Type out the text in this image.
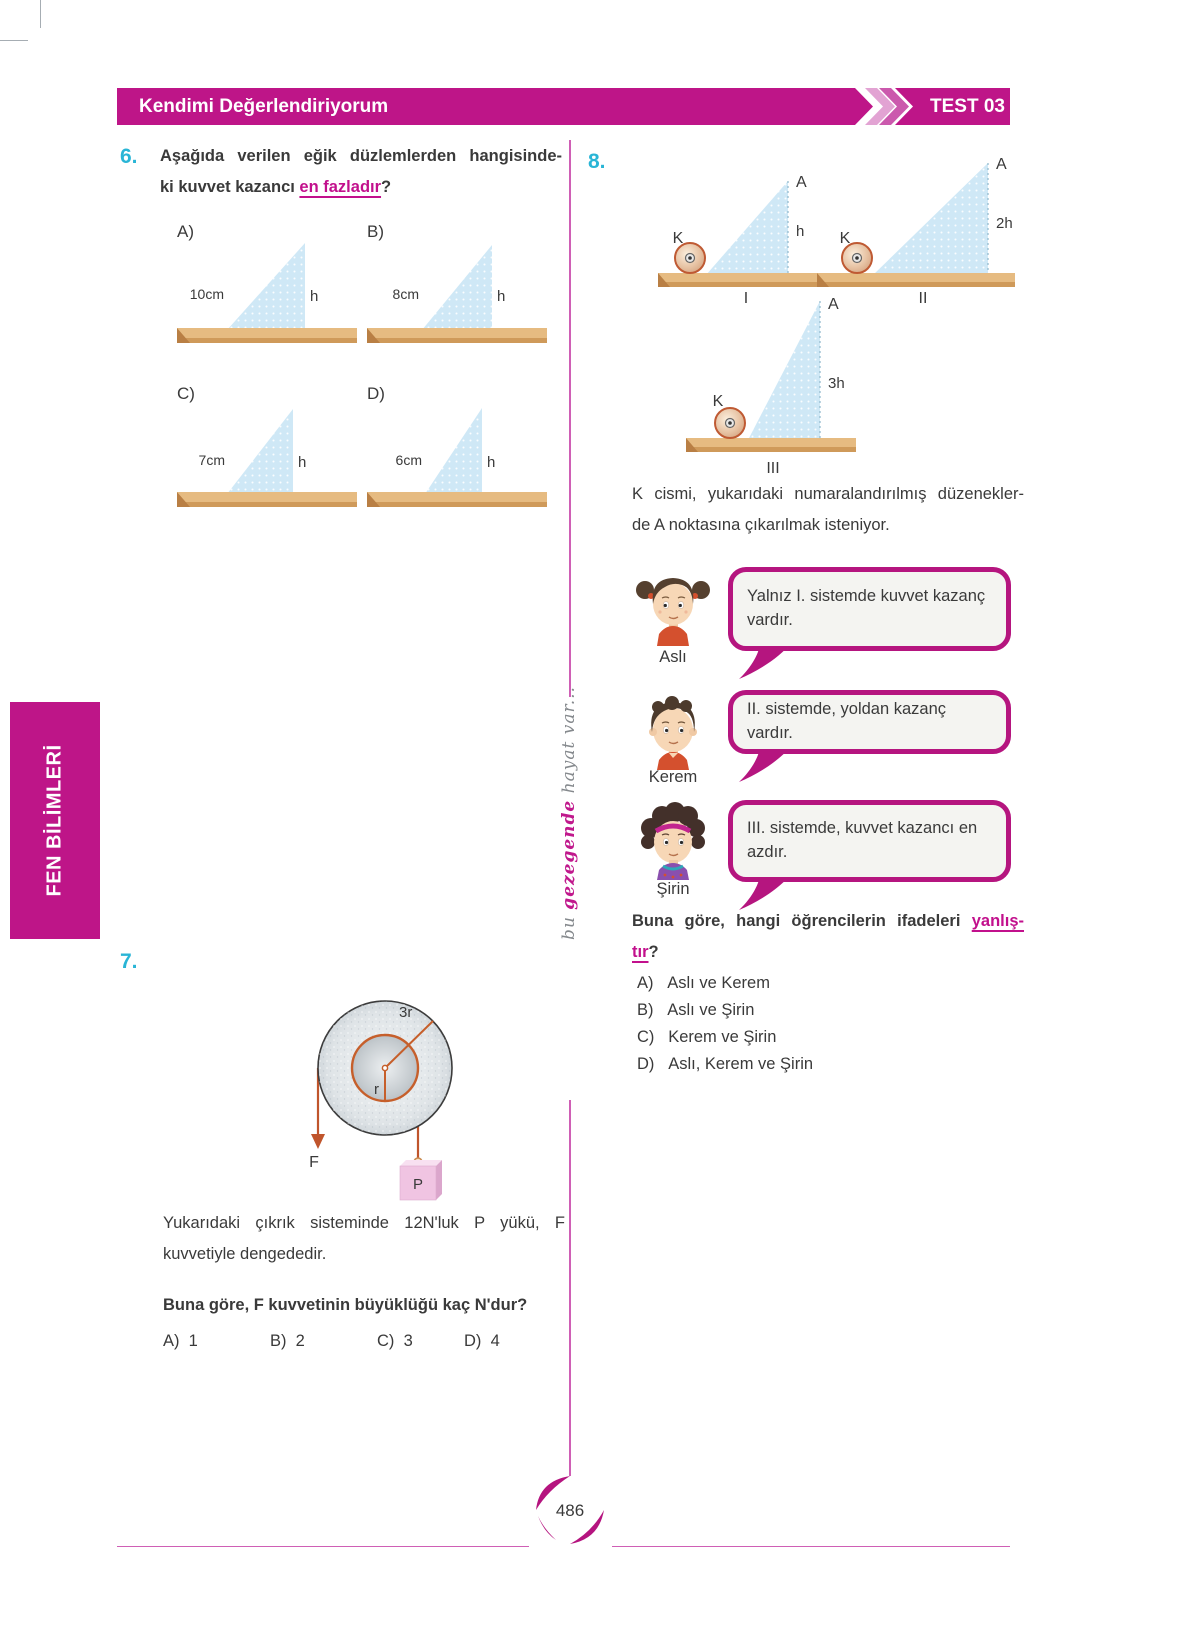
Kendimi Değerlendiriyorum	TEST 03
FEN BİLİMLERİ
bu gezegende hayat var...
6. Aşağıda verilen eğik düzlemlerden hangisinde-
ki kuvvet kazancı en fazladır?
A)	B)
C)	D)
10cm	h	8cm	h
7cm	h	6cm	h
7.
3r
r
F
P
Yukarıdaki çıkrık sisteminde 12N'luk P yükü, F
kuvvetiyle dengededir.
Buna göre, F kuvvetinin büyüklüğü kaç N'dur?
A) 1	B) 2	C) 3	D) 4
8.
K
A
h
I
K
A
2h
II
K
A
3h
III
K cismi, yukarıdaki numaralandırılmış düzenekler-
de A noktasına çıkarılmak isteniyor.
Aslı
Yalnız I. sistemde kuvvet kazanç
vardır.
Kerem
II. sistemde, yoldan kazanç vardır.
Şirin
III. sistemde, kuvvet kazancı en
azdır.
Buna göre, hangi öğrencilerin ifadeleri yanlış-
tır?
A) Aslı ve Kerem
B) Aslı ve Şirin
C) Kerem ve Şirin
D) Aslı, Kerem ve Şirin
486
